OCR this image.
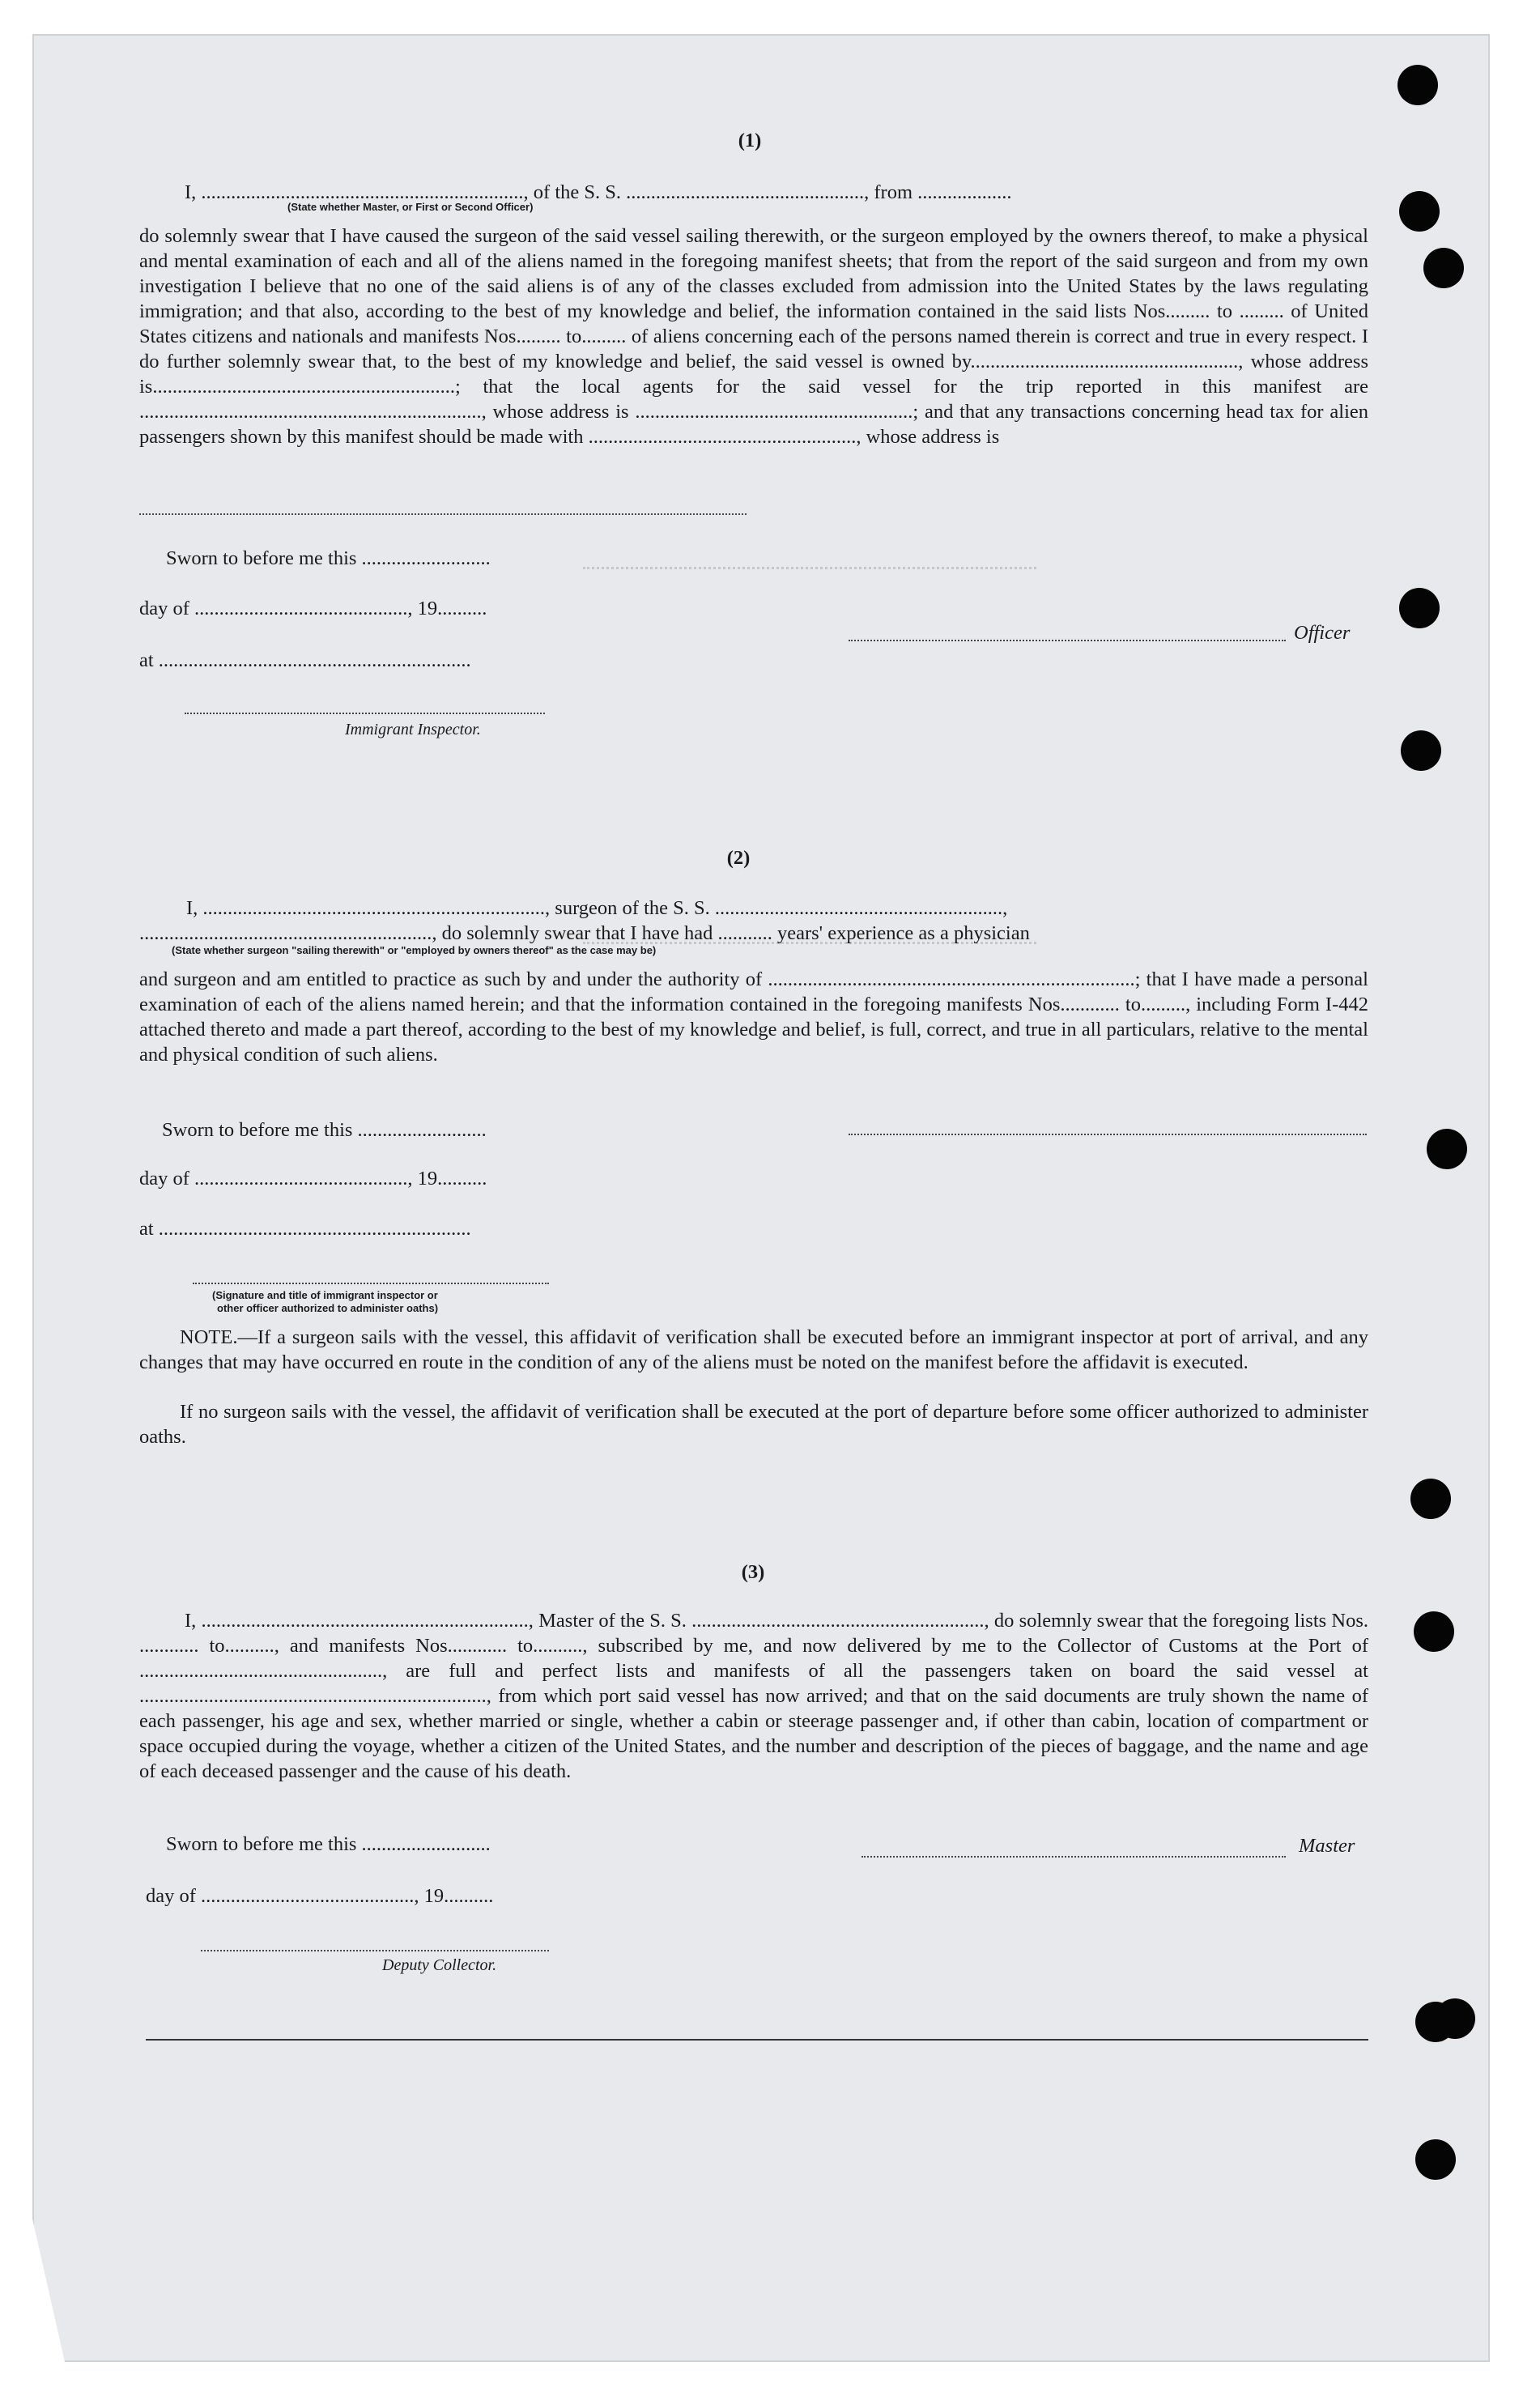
(1)
I, ................................................................., of the S. S. ................................................, from ...................
(State whether Master, or First or Second Officer)
do solemnly swear that I have caused the surgeon of the said vessel sailing therewith, or the surgeon employed by the owners thereof, to make a physical and mental examination of each and all of the aliens named in the foregoing manifest sheets; that from the report of the said surgeon and from my own investigation I believe that no one of the said aliens is of any of the classes excluded from admission into the United States by the laws regulating immigration; and that also, according to the best of my knowledge and belief, the information contained in the said lists Nos......... to ......... of United States citizens and nationals and manifests Nos......... to......... of aliens concerning each of the persons named therein is correct and true in every respect. I do further solemnly swear that, to the best of my knowledge and belief, the said vessel is owned by......................................................, whose address is.............................................................; that the local agents for the said vessel for the trip reported in this manifest are ....................................................................., whose address is ........................................................; and that any transactions concerning head tax for alien passengers shown by this manifest should be made with ......................................................, whose address is
Sworn to before me this ..........................
day of ..........................................., 19..........
at ...............................................................
Immigrant Inspector.
Officer
(2)
I, ....................................................................., surgeon of the S. S. ..........................................................,
..........................................................., do solemnly swear that I have had ........... years' experience as a physician
(State whether surgeon "sailing therewith" or "employed by owners thereof" as the case may be)
and surgeon and am entitled to practice as such by and under the authority of ..........................................................................; that I have made a personal examination of each of the aliens named herein; and that the information contained in the foregoing manifests Nos............ to........., including Form I-442 attached thereto and made a part thereof, according to the best of my knowledge and belief, is full, correct, and true in all particulars, relative to the mental and physical condition of such aliens.
Sworn to before me this ..........................
day of ..........................................., 19..........
at ...............................................................
(Signature and title of immigrant inspector or
other officer authorized to administer oaths)
NOTE.—If a surgeon sails with the vessel, this affidavit of verification shall be executed before an immigrant inspector at port of arrival, and any changes that may have occurred en route in the condition of any of the aliens must be noted on the manifest before the affidavit is executed.
If no surgeon sails with the vessel, the affidavit of verification shall be executed at the port of departure before some officer authorized to administer oaths.
(3)
I, .................................................................., Master of the S. S. ..........................................................., do solemnly swear that the foregoing lists Nos. ............ to.........., and manifests Nos............ to.........., subscribed by me, and now delivered by me to the Collector of Customs at the Port of ................................................., are full and perfect lists and manifests of all the passengers taken on board the said vessel at ......................................................................, from which port said vessel has now arrived; and that on the said documents are truly shown the name of each passenger, his age and sex, whether married or single, whether a cabin or steerage passenger and, if other than cabin, location of compartment or space occupied during the voyage, whether a citizen of the United States, and the number and description of the pieces of baggage, and the name and age of each deceased passenger and the cause of his death.
Sworn to before me this ..........................
day of ..........................................., 19..........
Deputy Collector.
Master
